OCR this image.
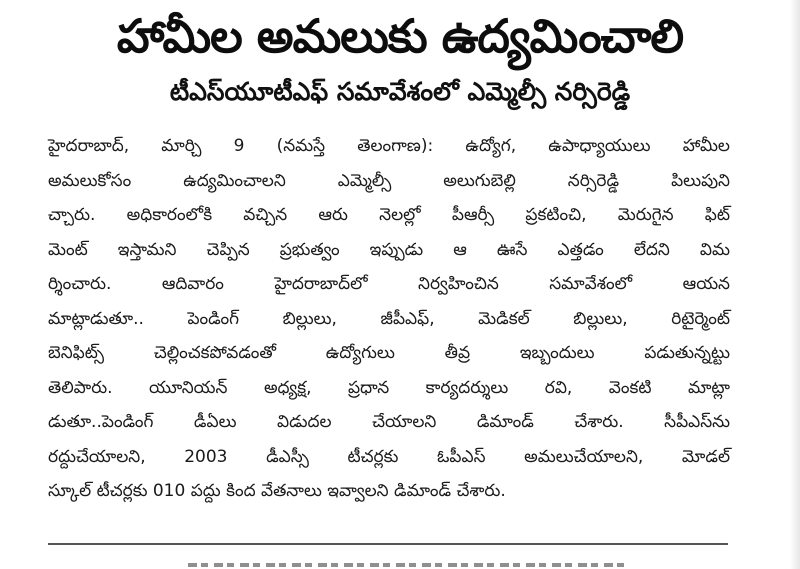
హామీల అమలుకు ఉద్యమించాలి
టీఎస్‌యూటీఎఫ్ సమావేశంలో ఎమ్మెల్సీ నర్సిరెడ్డి
హైదరాబాద్, మార్చి 9 (నమస్తే తెలంగాణ): ఉద్యోగ, ఉపాధ్యాయులు హామీల
అమలుకోసం ఉద్యమించాలని ఎమ్మెల్సీ అలుగుబెల్లి నర్సిరెడ్డి పిలుపుని
చ్చారు. అధికారంలోకి వచ్చిన ఆరు నెలల్లో పీఆర్సీ ప్రకటించి, మెరుగైన ఫిట్
మెంట్ ఇస్తామని చెప్పిన ప్రభుత్వం ఇప్పుడు ఆ ఊసే ఎత్తడం లేదని విమ
ర్శించారు. ఆదివారం హైదరాబాద్‌లో నిర్వహించిన సమావేశంలో ఆయన
మాట్లాడుతూ.. పెండింగ్ బిల్లులు, జీపీఎఫ్, మెడికల్ బిల్లులు, రిటైర్మెంట్
బెనిఫిట్స్ చెల్లించకపోవడంతో ఉద్యోగులు తీవ్ర ఇబ్బందులు పడుతున్నట్టు
తెలిపారు. యూనియన్ అధ్యక్ష, ప్రధాన కార్యదర్శులు రవి, వెంకటి మాట్లా
డుతూ..పెండింగ్ డీఏలు విడుదల చేయాలని డిమాండ్ చేశారు. సీపీఎస్‌ను
రద్దుచేయాలని, 2003 డీఎస్సీ టీచర్లకు ఓపీఎస్ అమలుచేయాలని, మోడల్
స్కూల్ టీచర్లకు 010 పద్దు కింద వేతనాలు ఇవ్వాలని డిమాండ్ చేశారు.
